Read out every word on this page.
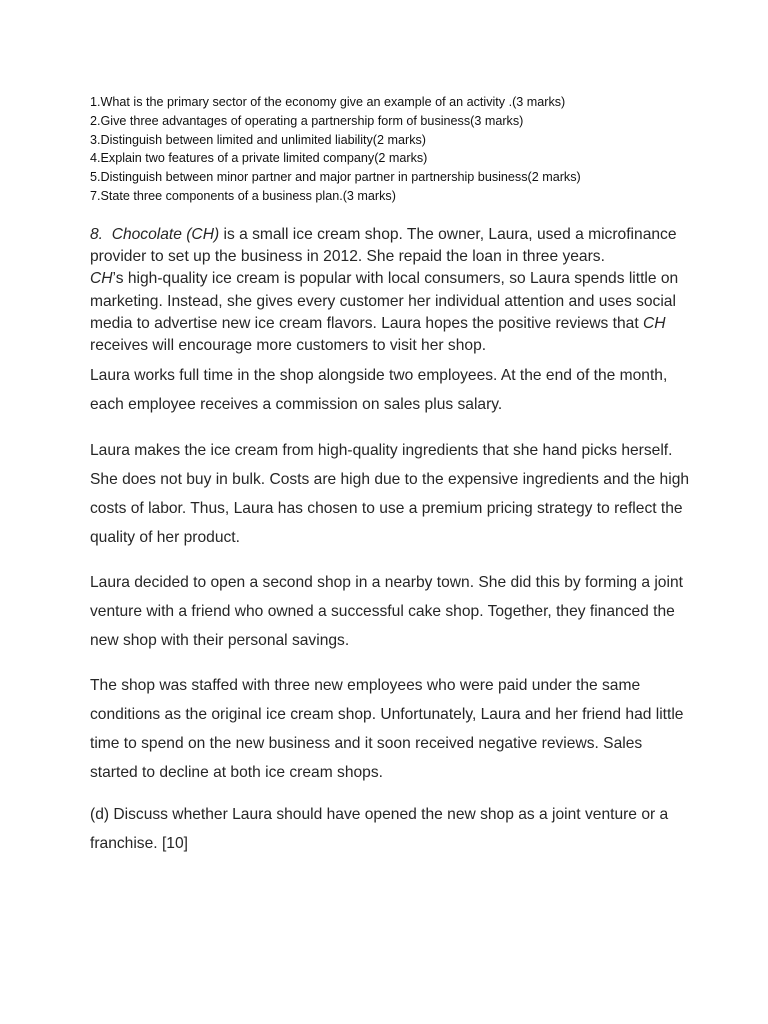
1.What is the primary sector of the economy give an example of an activity .(3 marks)
2.Give three advantages of operating a partnership form of business(3 marks)
3.Distinguish between limited and unlimited liability(2 marks)
4.Explain two features of a private limited company(2 marks)
5.Distinguish between minor partner and major partner in partnership business(2 marks)
7.State three components of a business plan.(3 marks)

8. Chocolate (CH) is a small ice cream shop. The owner, Laura, used a microfinance provider to set up the business in 2012. She repaid the loan in three years.

CH’s high-quality ice cream is popular with local consumers, so Laura spends little on marketing. Instead, she gives every customer her individual attention and uses social media to advertise new ice cream flavors. Laura hopes the positive reviews that CH receives will encourage more customers to visit her shop.

Laura works full time in the shop alongside two employees. At the end of the month, each employee receives a commission on sales plus salary.

Laura makes the ice cream from high-quality ingredients that she hand picks herself. She does not buy in bulk. Costs are high due to the expensive ingredients and the high costs of labor. Thus, Laura has chosen to use a premium pricing strategy to reflect the quality of her product.

Laura decided to open a second shop in a nearby town. She did this by forming a joint venture with a friend who owned a successful cake shop. Together, they financed the new shop with their personal savings.

The shop was staffed with three new employees who were paid under the same conditions as the original ice cream shop. Unfortunately, Laura and her friend had little time to spend on the new business and it soon received negative reviews. Sales started to decline at both ice cream shops.

(d) Discuss whether Laura should have opened the new shop as a joint venture or a franchise. [10]
